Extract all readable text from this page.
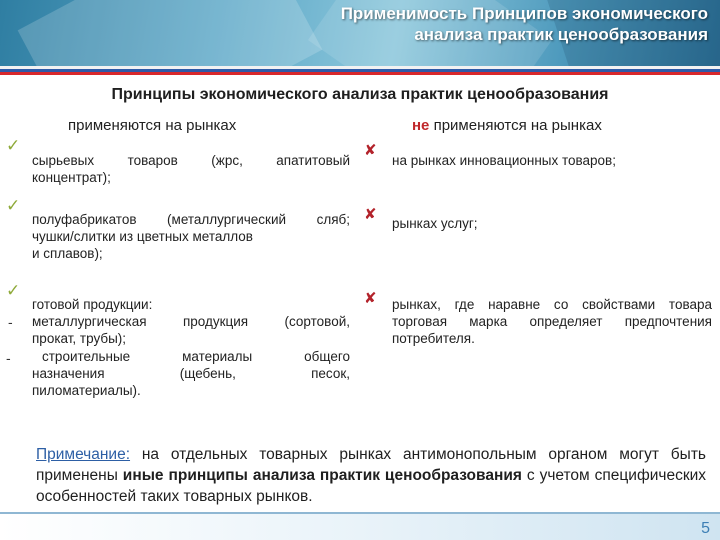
Применимость Принципов экономического
анализа практик ценообразования
Принципы экономического анализа практик ценообразования
применяются на рынках	не применяются на рынках
✓
сырьевых товаров (жрс, апатитовый
концентрат);
✓
полуфабрикатов (металлургический сляб;
чушки/слитки из цветных металлов
и сплавов);
✓
-
готовой продукции:
металлургическая продукция (сортовой,
прокат, трубы);
-	строительные материалы общего
назначения (щебень, песок,
пиломатериалы).
✘
на рынках инновационных товаров;
✘
рынках услуг;
✘ рынках, где наравне со свойствами товара
торговая марка определяет предпочтения
потребителя.
Примечание: на отдельных товарных рынках антимонопольным органом могут быть применены иные принципы анализа практик ценообразования с учетом специфических особенностей таких товарных рынков.
5
